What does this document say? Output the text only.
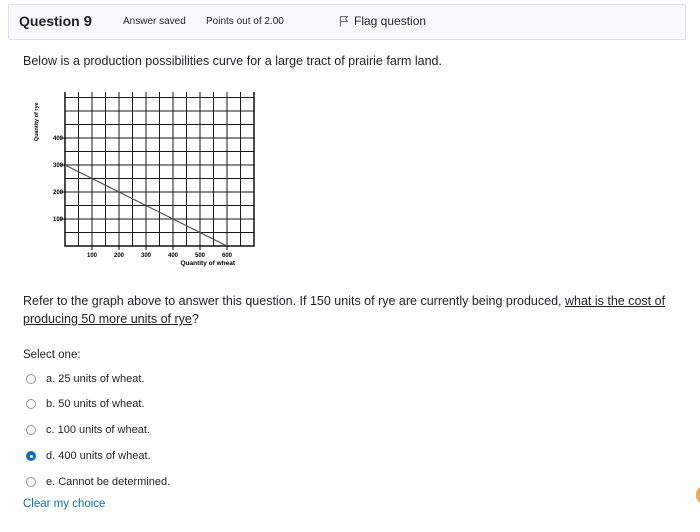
Question 9	Answer saved Points out of 2.00	Flag question
Below is a production possibilities curve for a large tract of prairie farm land.
100	200	300	400	500	600
100
200
300
400
Quantity of wheat
Quantity of rye
Refer to the graph above to answer this question. If 150 units of rye are currently being produced, what is the cost of producing 50 more units of rye?
Select one:
a. 25 units of wheat.
b. 50 units of wheat.
c. 100 units of wheat.
d. 400 units of wheat.
e. Cannot be determined.
Clear my choice
